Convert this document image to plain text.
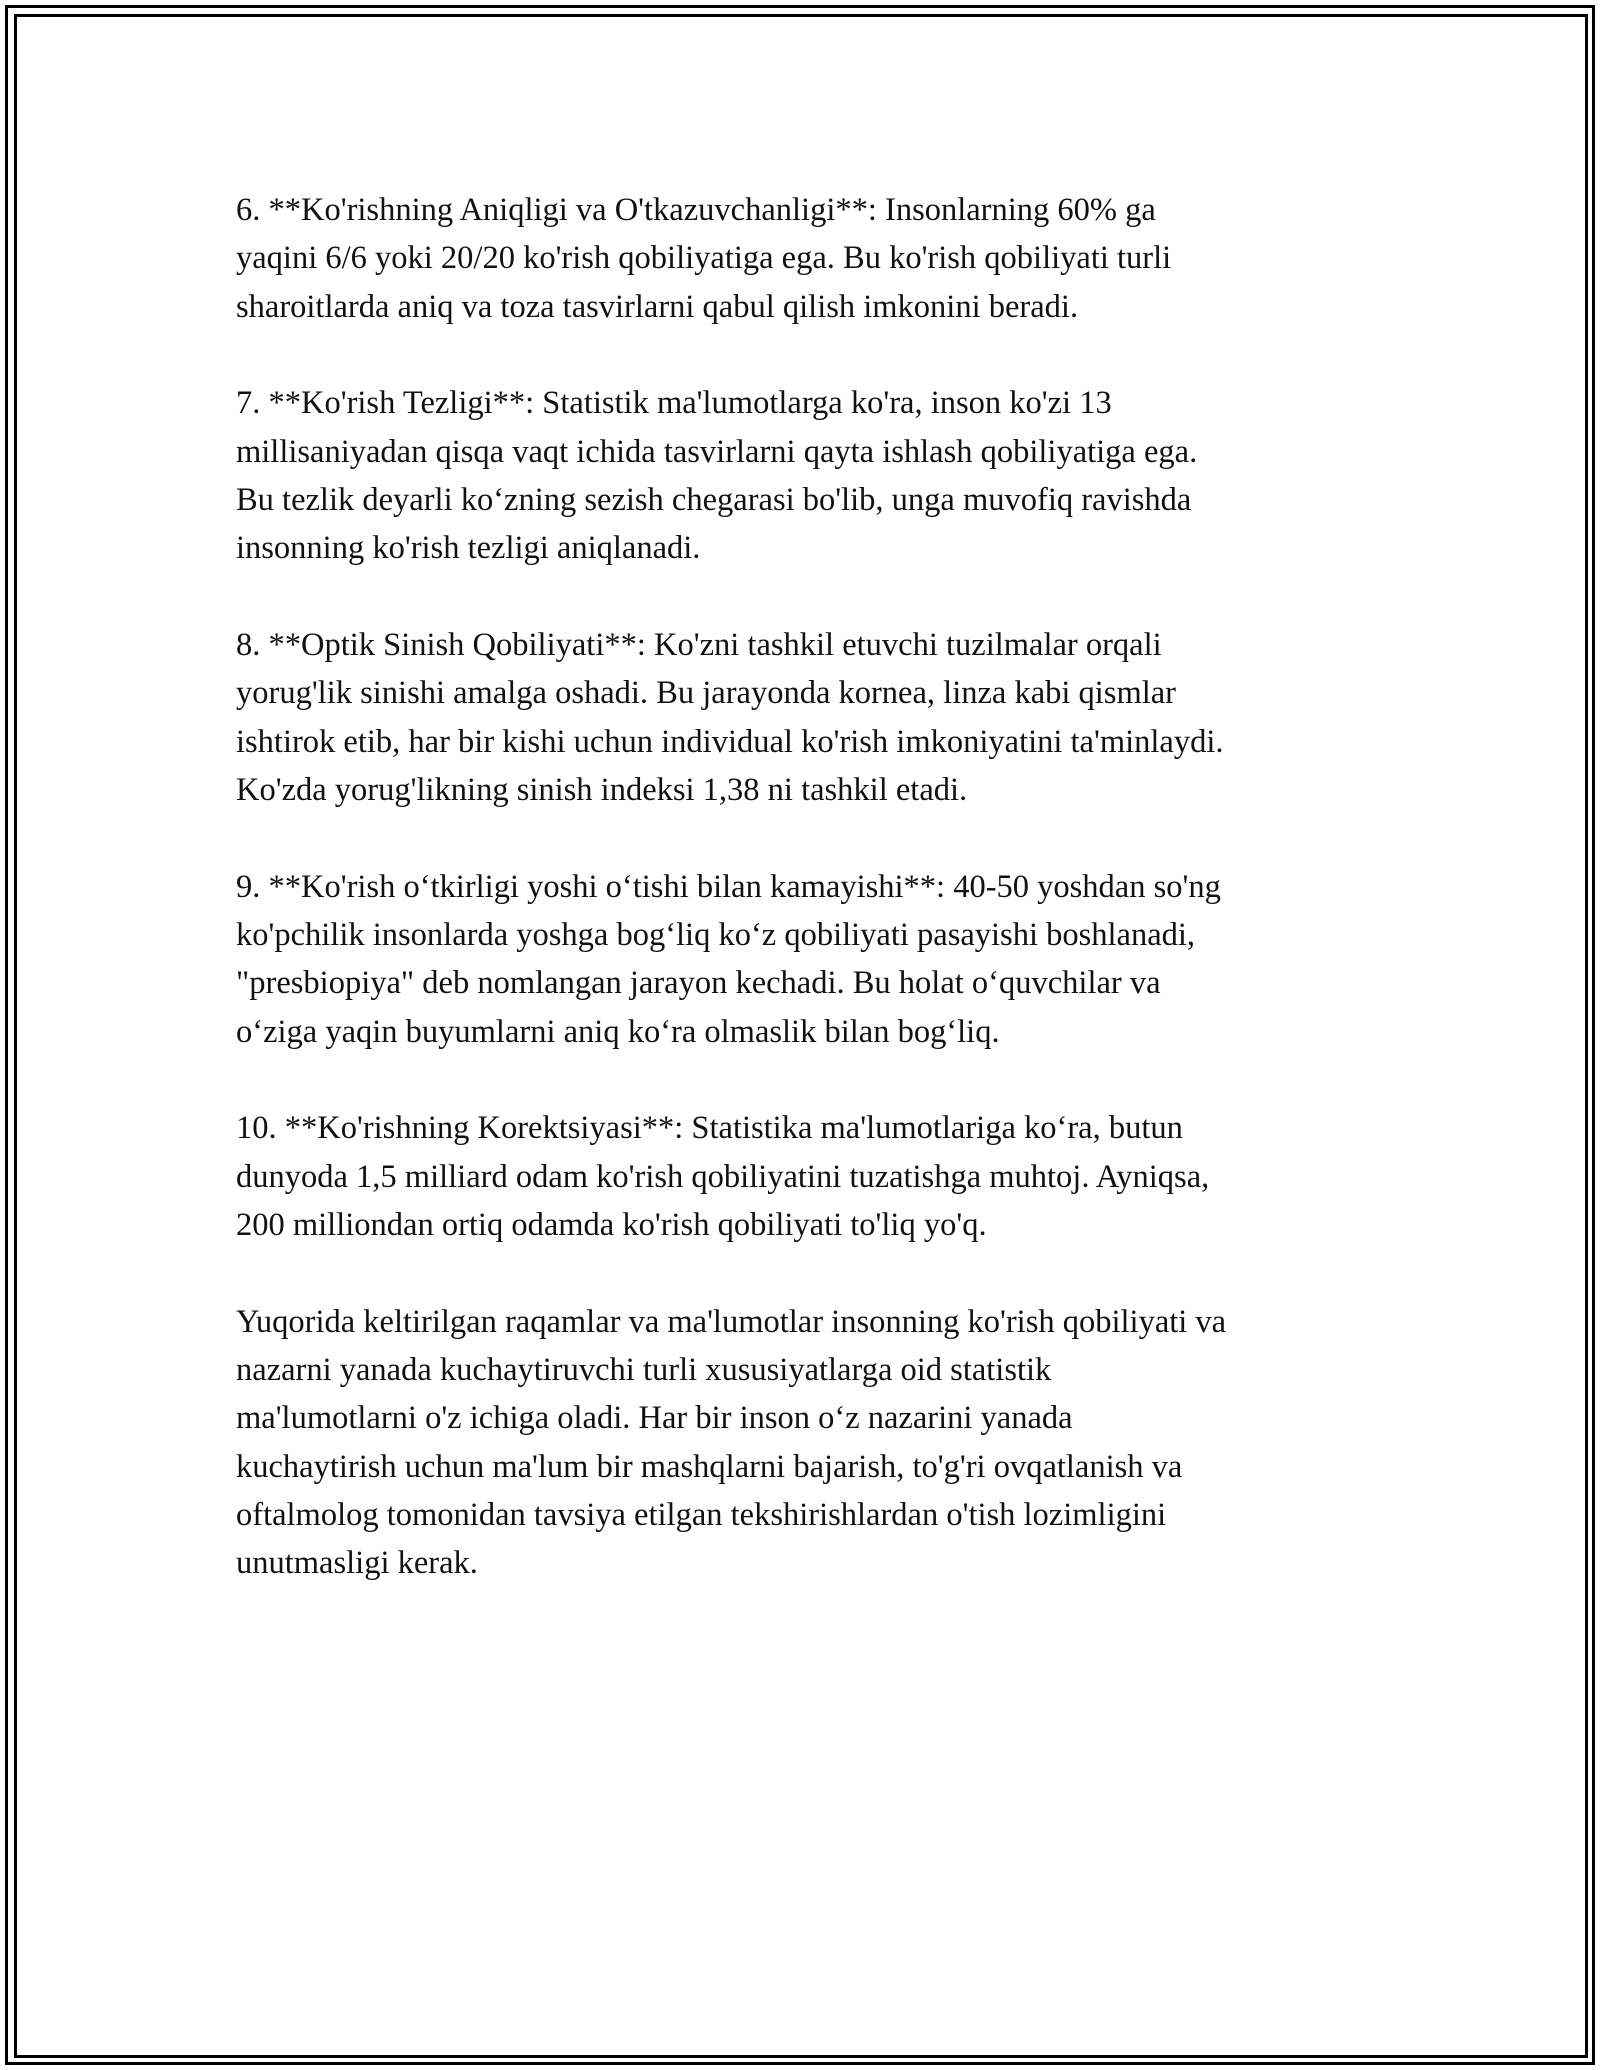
6. **Ko'rishning Aniqligi va O'tkazuvchanligi**: Insonlarning 60% ga
yaqini 6/6 yoki 20/20 ko'rish qobiliyatiga ega. Bu ko'rish qobiliyati turli
sharoitlarda aniq va toza tasvirlarni qabul qilish imkonini beradi.

7. **Ko'rish Tezligi**: Statistik ma'lumotlarga ko'ra, inson ko'zi 13
millisaniyadan qisqa vaqt ichida tasvirlarni qayta ishlash qobiliyatiga ega.
Bu tezlik deyarli ko‘zning sezish chegarasi bo'lib, unga muvofiq ravishda
insonning ko'rish tezligi aniqlanadi.

8. **Optik Sinish Qobiliyati**: Ko'zni tashkil etuvchi tuzilmalar orqali
yorug'lik sinishi amalga oshadi. Bu jarayonda kornea, linza kabi qismlar
ishtirok etib, har bir kishi uchun individual ko'rish imkoniyatini ta'minlaydi.
Ko'zda yorug'likning sinish indeksi 1,38 ni tashkil etadi.

9. **Ko'rish o‘tkirligi yoshi o‘tishi bilan kamayishi**: 40-50 yoshdan so'ng
ko'pchilik insonlarda yoshga bog‘liq ko‘z qobiliyati pasayishi boshlanadi,
"presbiopiya" deb nomlangan jarayon kechadi. Bu holat o‘quvchilar va
o‘ziga yaqin buyumlarni aniq ko‘ra olmaslik bilan bog‘liq.

10. **Ko'rishning Korektsiyasi**: Statistika ma'lumotlariga ko‘ra, butun
dunyoda 1,5 milliard odam ko'rish qobiliyatini tuzatishga muhtoj. Ayniqsa,
200 milliondan ortiq odamda ko'rish qobiliyati to'liq yo'q.

Yuqorida keltirilgan raqamlar va ma'lumotlar insonning ko'rish qobiliyati va
nazarni yanada kuchaytiruvchi turli xususiyatlarga oid statistik
ma'lumotlarni o'z ichiga oladi. Har bir inson o‘z nazarini yanada
kuchaytirish uchun ma'lum bir mashqlarni bajarish, to'g'ri ovqatlanish va
oftalmolog tomonidan tavsiya etilgan tekshirishlardan o'tish lozimligini
unutmasligi kerak.
